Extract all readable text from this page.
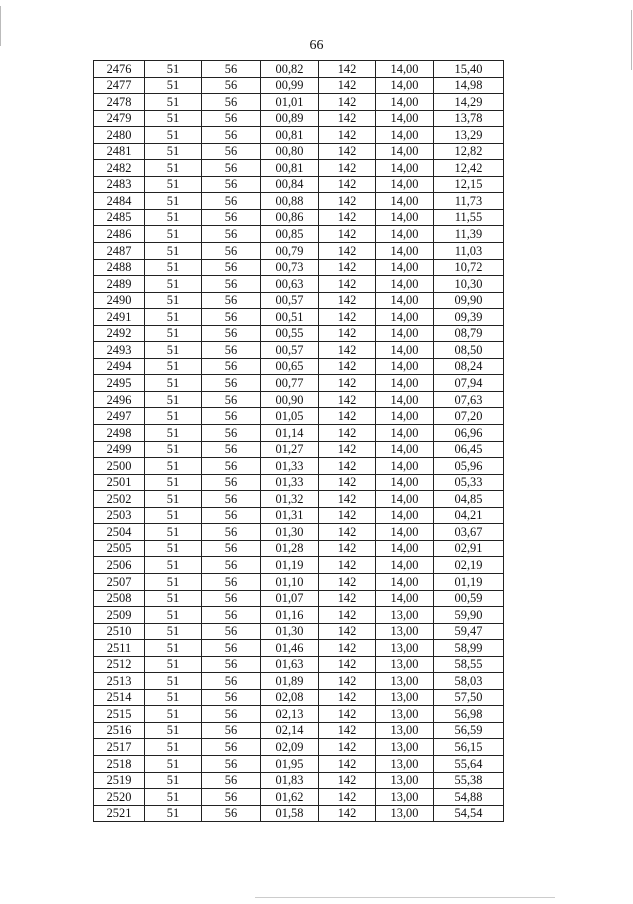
66
2476	51	56	00,82	142	14,00	15,40
2477	51	56	00,99	142	14,00	14,98
2478	51	56	01,01	142	14,00	14,29
2479	51	56	00,89	142	14,00	13,78
2480	51	56	00,81	142	14,00	13,29
2481	51	56	00,80	142	14,00	12,82
2482	51	56	00,81	142	14,00	12,42
2483	51	56	00,84	142	14,00	12,15
2484	51	56	00,88	142	14,00	11,73
2485	51	56	00,86	142	14,00	11,55
2486	51	56	00,85	142	14,00	11,39
2487	51	56	00,79	142	14,00	11,03
2488	51	56	00,73	142	14,00	10,72
2489	51	56	00,63	142	14,00	10,30
2490	51	56	00,57	142	14,00	09,90
2491	51	56	00,51	142	14,00	09,39
2492	51	56	00,55	142	14,00	08,79
2493	51	56	00,57	142	14,00	08,50
2494	51	56	00,65	142	14,00	08,24
2495	51	56	00,77	142	14,00	07,94
2496	51	56	00,90	142	14,00	07,63
2497	51	56	01,05	142	14,00	07,20
2498	51	56	01,14	142	14,00	06,96
2499	51	56	01,27	142	14,00	06,45
2500	51	56	01,33	142	14,00	05,96
2501	51	56	01,33	142	14,00	05,33
2502	51	56	01,32	142	14,00	04,85
2503	51	56	01,31	142	14,00	04,21
2504	51	56	01,30	142	14,00	03,67
2505	51	56	01,28	142	14,00	02,91
2506	51	56	01,19	142	14,00	02,19
2507	51	56	01,10	142	14,00	01,19
2508	51	56	01,07	142	14,00	00,59
2509	51	56	01,16	142	13,00	59,90
2510	51	56	01,30	142	13,00	59,47
2511	51	56	01,46	142	13,00	58,99
2512	51	56	01,63	142	13,00	58,55
2513	51	56	01,89	142	13,00	58,03
2514	51	56	02,08	142	13,00	57,50
2515	51	56	02,13	142	13,00	56,98
2516	51	56	02,14	142	13,00	56,59
2517	51	56	02,09	142	13,00	56,15
2518	51	56	01,95	142	13,00	55,64
2519	51	56	01,83	142	13,00	55,38
2520	51	56	01,62	142	13,00	54,88
2521	51	56	01,58	142	13,00	54,54
